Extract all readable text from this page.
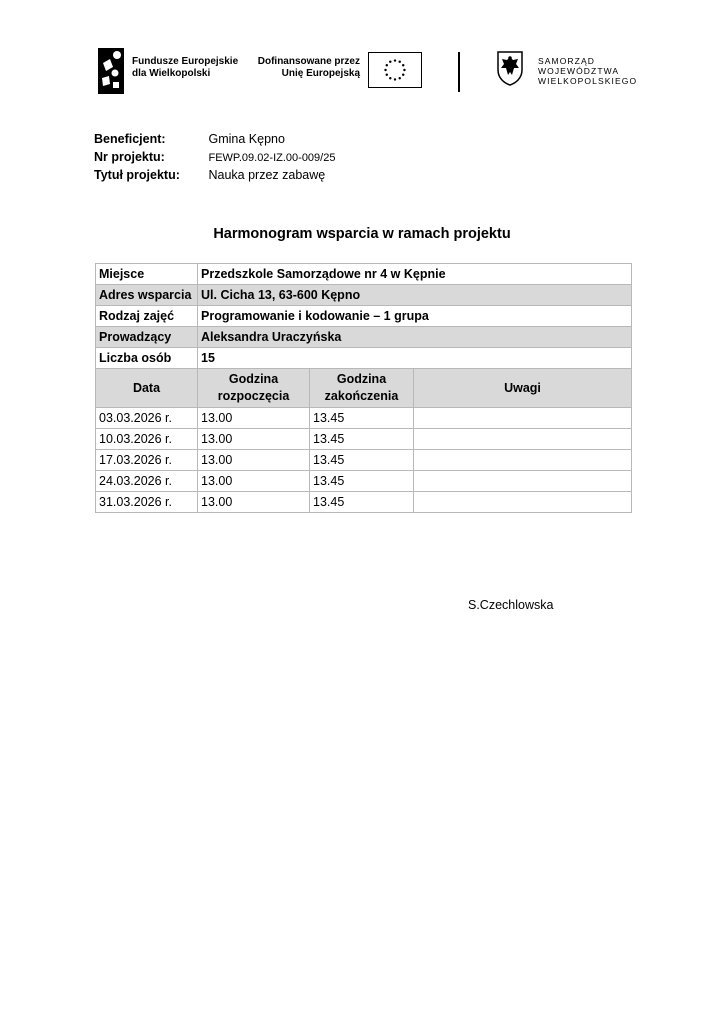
Fundusze Europejskie
dla Wielkopolski
Dofinansowane przez
Unię Europejską
SAMORZĄD
WOJEWÓDZTWA
WIELKOPOLSKIEGO
Beneficjent:	Gmina Kępno
Nr projektu:	FEWP.09.02-IZ.00-009/25
Tytuł projektu: Nauka przez zabawę
Harmonogram wsparcia w ramach projektu
Miejsce	Przedszkole Samorządowe nr 4 w Kępnie		
Adres wsparcia	Ul. Cicha 13, 63-600 Kępno		
Rodzaj zajęć	Programowanie i kodowanie – 1 grupa		
Prowadzący	Aleksandra Uraczyńska		
Liczba osób	15		
Data	Godzina rozpoczęcia	Godzina zakończenia	Uwagi
03.03.2026 r.	13.00	13.45	
10.03.2026 r.	13.00	13.45	
17.03.2026 r.	13.00	13.45	
24.03.2026 r.	13.00	13.45	
31.03.2026 r.	13.00	13.45	
S.Czechlowska
